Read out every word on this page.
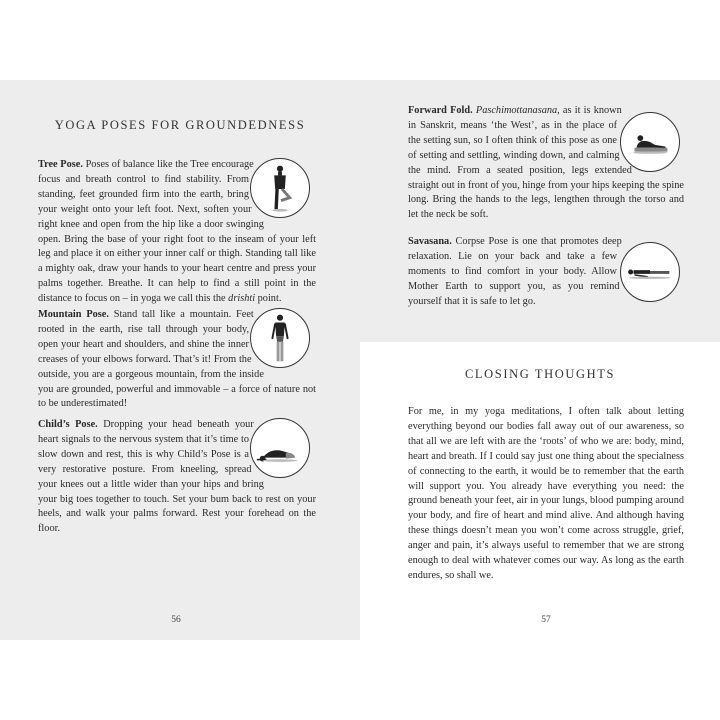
YOGA POSES FOR GROUNDEDNESS
Tree Pose. Poses of balance like the Tree encourage focus and breath control to find stability. From standing, feet grounded firm into the earth, bring your weight onto your left foot. Next, soften your right knee and open from the hip like a door swinging open. Bring the base of your right foot to the inseam of your left leg and place it on either your inner calf or thigh. Standing tall like a mighty oak, draw your hands to your heart centre and press your palms together. Breathe. It can help to find a still point in the distance to focus on – in yoga we call this the drishti point.
Mountain Pose. Stand tall like a mountain. Feet rooted in the earth, rise tall through your body, open your heart and shoulders, and shine the inner creases of your elbows forward. That’s it! From the outside, you are a gorgeous mountain, from the inside you are grounded, powerful and immovable – a force of nature not to be underestimated!
Child’s Pose. Dropping your head beneath your heart signals to the nervous system that it’s time to slow down and rest, this is why Child’s Pose is a very restorative posture. From kneeling, spread your knees out a little wider than your hips and bring your big toes together to touch. Set your bum back to rest on your heels, and walk your palms forward. Rest your forehead on the floor.
56
Forward Fold. Paschimottanasana, as it is known in Sanskrit, means ‘the West’, as in the place of the setting sun, so I often think of this pose as one of setting and settling, winding down, and calming the mind. From a seated position, legs extended straight out in front of you, hinge from your hips keeping the spine long. Bring the hands to the legs, lengthen through the torso and let the neck be soft.
Savasana. Corpse Pose is one that promotes deep relaxation. Lie on your back and take a few moments to find comfort in your body. Allow Mother Earth to support you, as you remind yourself that it is safe to let go.
CLOSING THOUGHTS

For me, in my yoga meditations, I often talk about letting everything beyond our bodies fall away out of our awareness, so that all we are left with are the ‘roots’ of who we are: body, mind, heart and breath. If I could say just one thing about the specialness of connecting to the earth, it would be to remember that the earth will support you. You already have everything you need: the ground beneath your feet, air in your lungs, blood pumping around your body, and fire of heart and mind alive. And although having these things doesn’t mean you won’t come across struggle, grief, anger and pain, it’s always useful to remember that we are strong enough to deal with whatever comes our way. As long as the earth endures, so shall we.

57
